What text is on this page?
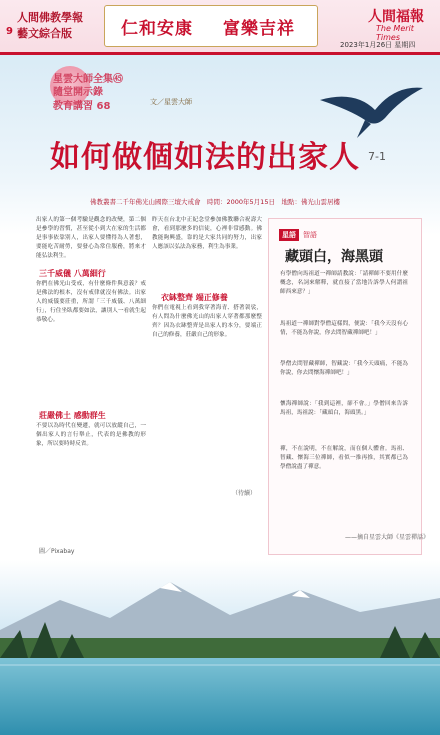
9
人間佛教學報
藝文綜合版	仁和安康 富樂吉祥
人間福報
The Merit Times
2023年1月26日 星期四
星雲大師全集㊺
隨堂開示錄
教育講習 68	文／星雲大師
如何做個如法的出家人 7-1
佛教叢書二千年佛光山國際三壇大戒會　時間：2000年5月15日　地點：佛光山雲居樓
出家人的第一個考驗是觀念的改變，第二個是參學的習慣，甚至從小到大在家的生活都是事事依靠別人，出家人要懂得為人著想，要能吃苦耐勞，要發心為常住服務，將來才能弘法利生。
三千威儀 八萬細行
你們在佛光山受戒，有什麼條件與意義？戒是佛法的根本，沒有戒律就沒有佛法。出家人的威儀要莊重，所謂「三千威儀、八萬細行」，行住坐臥都要如法，讓別人一看就生起恭敬心。
莊嚴佛土 感動群生
不要以為時代在變遷，就可以放縱自己，一個出家人的言行舉止，代表的是佛教的形象，所以要時時反省。
昨天在台北中正紀念堂參加佛教聯合祝壽大會，看到那麼多的信徒，心裡非常感動。佛教能夠興盛，靠的是大家共同的努力，出家人應該以弘法為家務，利生為事業。
衣缽整齊 端正修養
你們在電視上看到我穿著海青、搭著袈裟，有人問為什麼佛光山的出家人穿著都那麼整齊？因為衣缽整齊是出家人的本分，要端正自己的修養，莊嚴自己的形象。
（待續）
星語	智語
藏頭白，海黑頭
有學僧向馬祖道一禪師請教說：「請禪師不要用什麼概念，名詞來解釋，就直接了當地告訴學人何謂祖師西來意？」
馬祖道一禪師對學僧這樣問，便說：「我今天沒有心情，不能為你說，你去問智藏禪師吧！」
學僧去問智藏禪師，智藏說：「我今天頭痛，不能為你說，你去問懷海禪師吧！」
懷海禪師說：「我到這裡，卻不會。」學僧回來告訴馬祖，馬祖說：「藏頭白，海頭黑。」
禪，不在說明，不在解說，而在個人體會。馬祖、智藏、懷海三位禪師，看似一推再推，其實都已為學僧說盡了禪意。
——摘自星雲大師《星雲禪話》
圖／Pixabay
